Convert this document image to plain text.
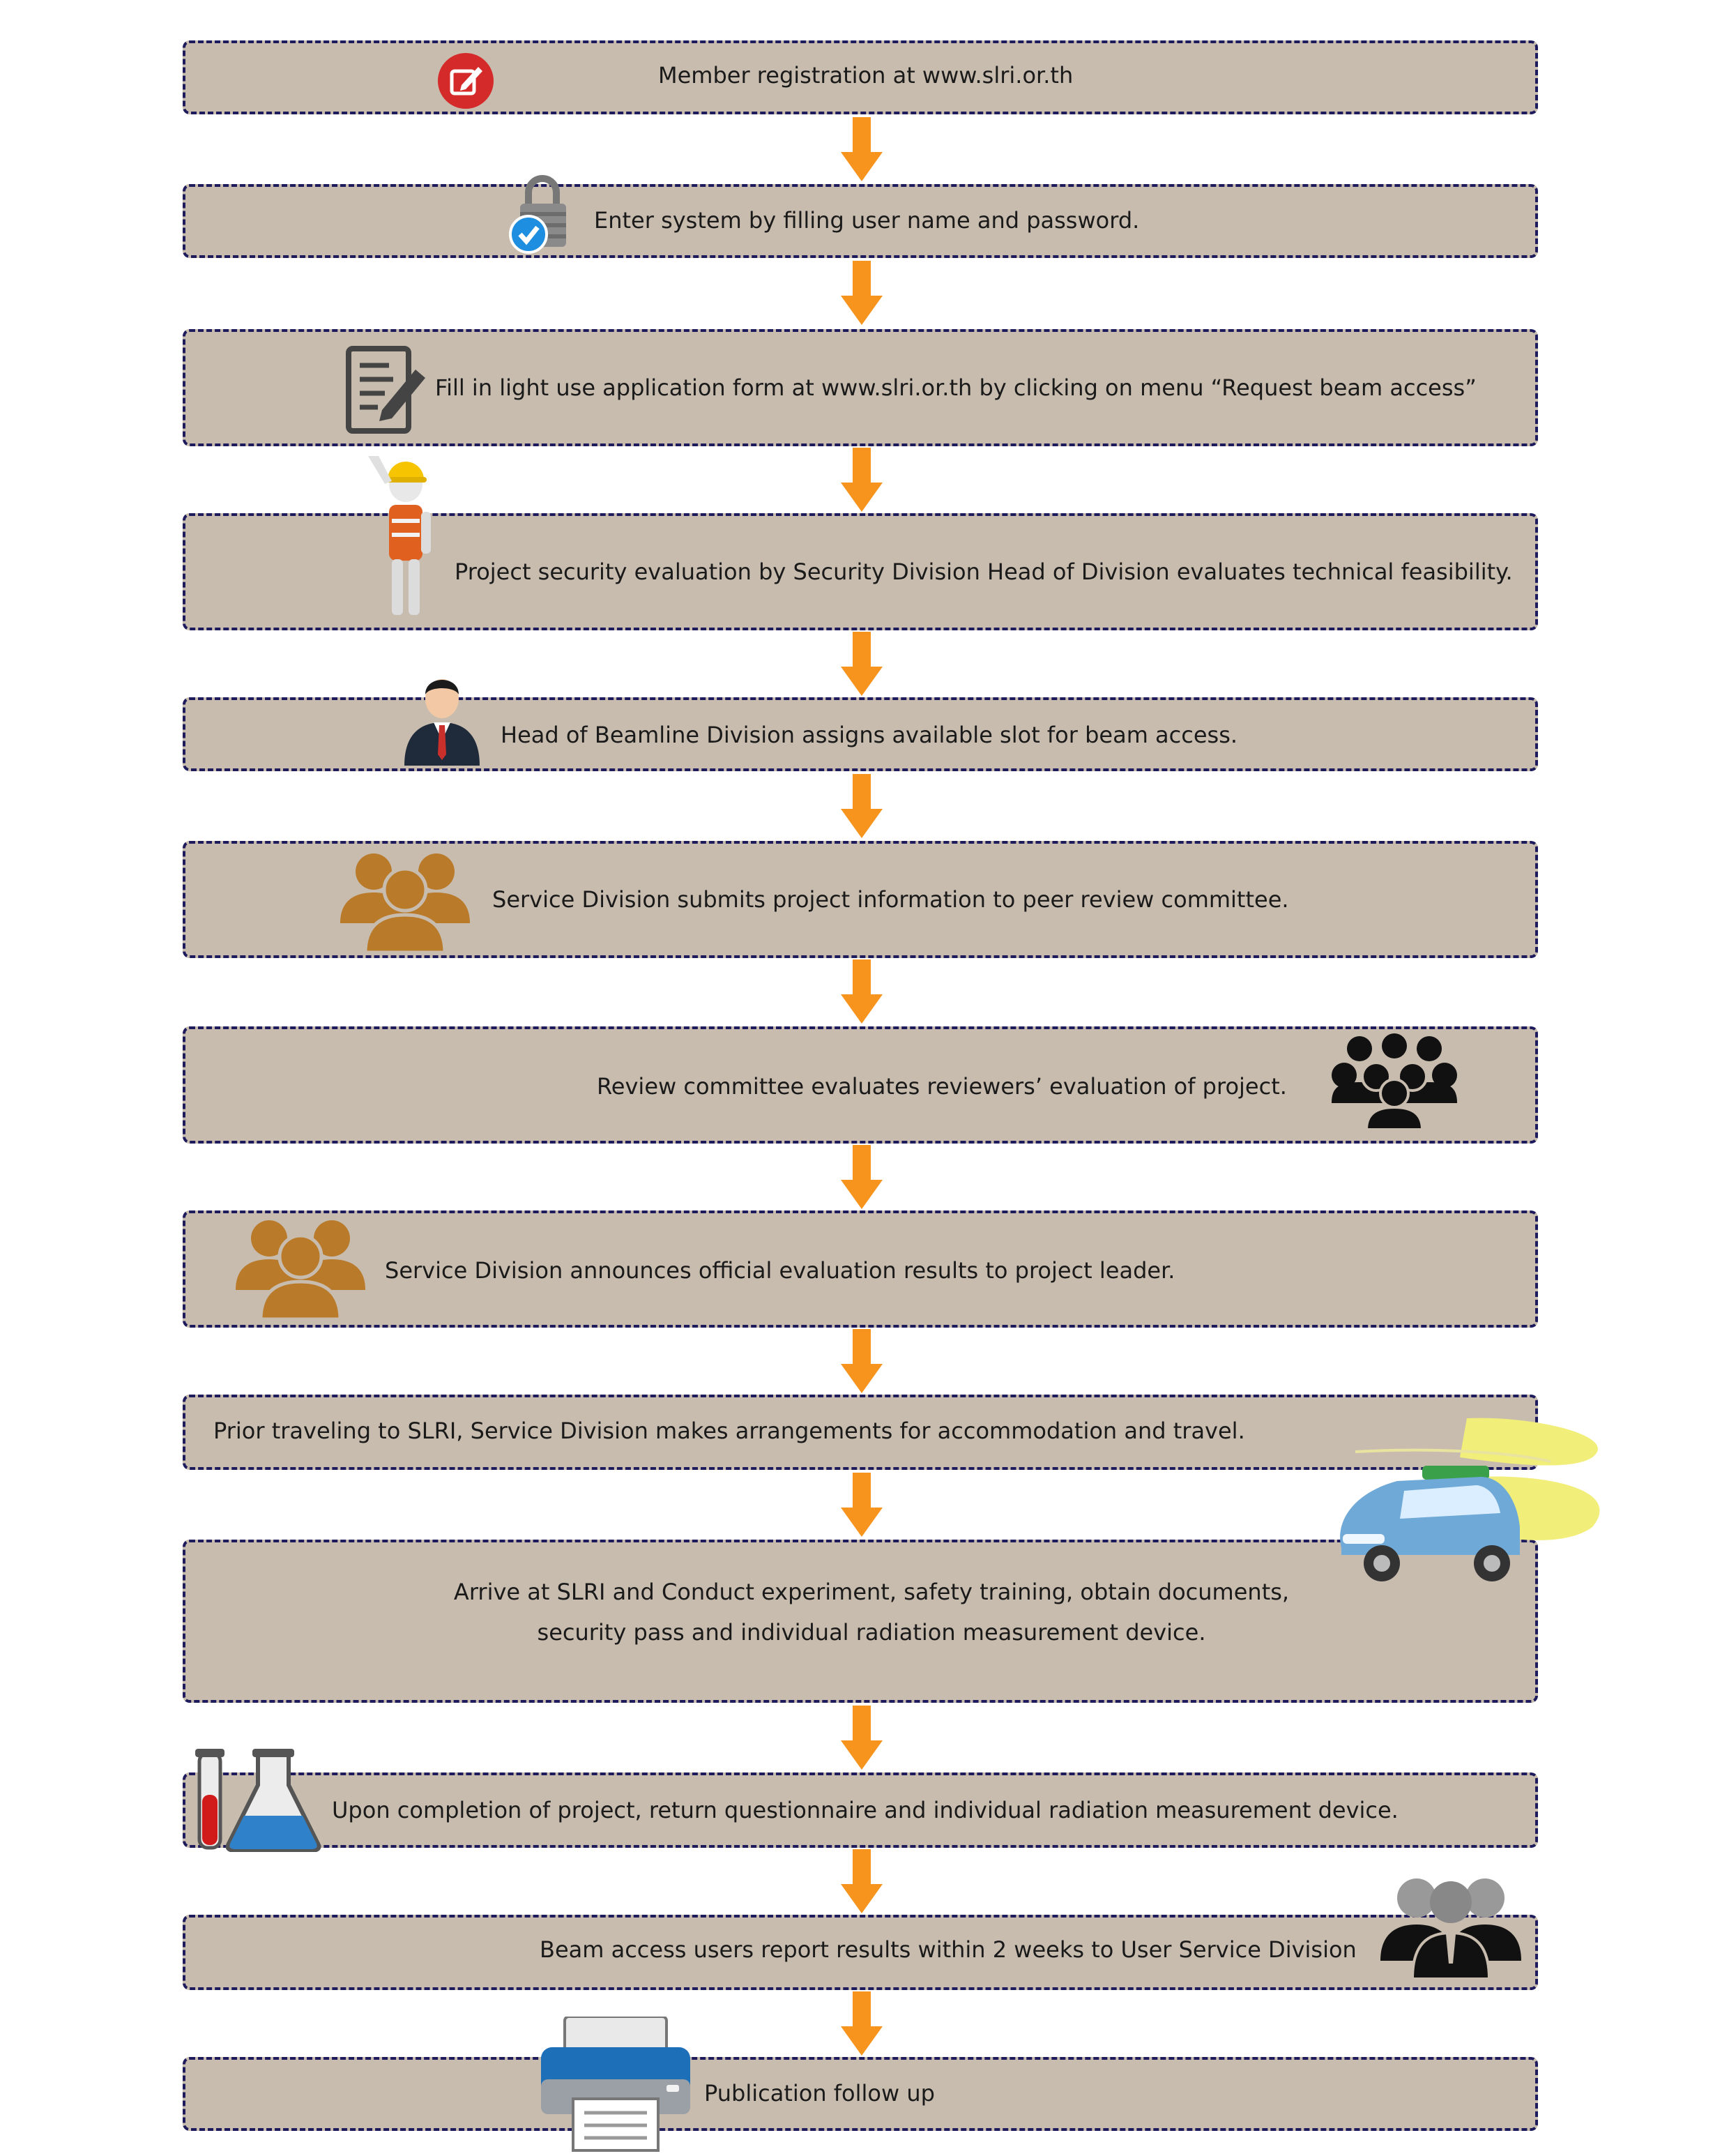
Member registration at www.slri.or.th
Enter system by filling user name and password.
Fill in light use application form at www.slri.or.th by clicking on menu “Request beam access”
Project security evaluation by Security Division Head of Division evaluates technical feasibility.
Head of Beamline Division assigns available slot for beam access.
Service Division submits project information to peer review committee.
Review committee evaluates reviewers’ evaluation of project.
Service Division announces official evaluation results to project leader.
Prior traveling to SLRI, Service Division makes arrangements for accommodation and travel.
Arrive at SLRI and Conduct experiment, safety training, obtain documents,
security pass and individual radiation measurement device.
Upon completion of project, return questionnaire and individual radiation measurement device.
Beam access users report results within 2 weeks to User Service Division
Publication follow up
